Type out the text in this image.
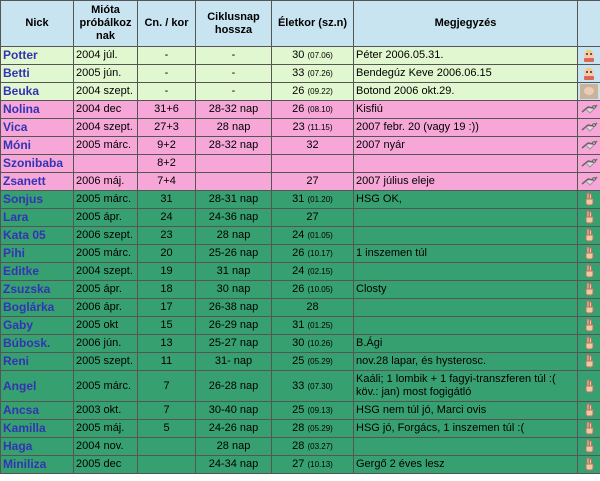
Nick	Mióta próbálkoz nak	Cn. / kor	Ciklusnap hossza	Életkor (sz.n)	Megjegyzés	
Potter	2004 júl.	-	-	30 (07.06)	Péter 2006.05.31.	
Betti	2005 jún.	-	-	33 (07.26)	Bendegúz Keve 2006.06.15	
Beuka	2004 szept.	-	-	26 (09.22)	Botond 2006 okt.29.	
Nolina	2004 dec	31+6	28-32 nap	26 (08.10)	Kisfiú	
Vica	2004 szept.	27+3	28 nap	23 (11.15)	2007 febr. 20 (vagy 19 :))	
Móni	2005 márc.	9+2	28-32 nap	32	2007 nyár	
Szonibaba		8+2				
Zsanett	2006 máj.	7+4		27	2007 július eleje	
Sonjus	2005 márc.	31	28-31 nap	31 (01.20)	HSG OK,	
Lara	2005 ápr.	24	24-36 nap	27		
Kata 05	2006 szept.	23	28 nap	24 (01.05)		
Pihi	2005 márc.	20	25-26 nap	26 (10.17)	1 inszemen túl	
Editke	2004 szept.	19	31 nap	24 (02.15)		
Zsuzska	2005 ápr.	18	30 nap	26 (10.05)	Closty	
Boglárka	2006 ápr.	17	26-38 nap	28		
Gaby	2005 okt	15	26-29 nap	31 (01.25)		
Búbosk.	2006 jún.	13	25-27 nap	30 (10.26)	B.Ági	
Reni	2005 szept.	11	31- nap	25 (05.29)	nov.28 lapar, és hysterosc.	
Angel	2005 márc.	7	26-28 nap	33 (07.30)	Kaáli; 1 lombik + 1 fagyi-transzferen túl :( köv.: jan) most fogigátló	
Ancsa	2003 okt.	7	30-40 nap	25 (09.13)	HSG nem túl jó, Marci ovis	
Kamilla	2005 máj.	5	24-26 nap	28 (05.29)	HSG jó, Forgács, 1 inszemen túl :(	
Haga	2004 nov.		28 nap	28 (03.27)		
Miniliza	2005 dec		24-34 nap	27 (10.13)	Gergő 2 éves lesz	
